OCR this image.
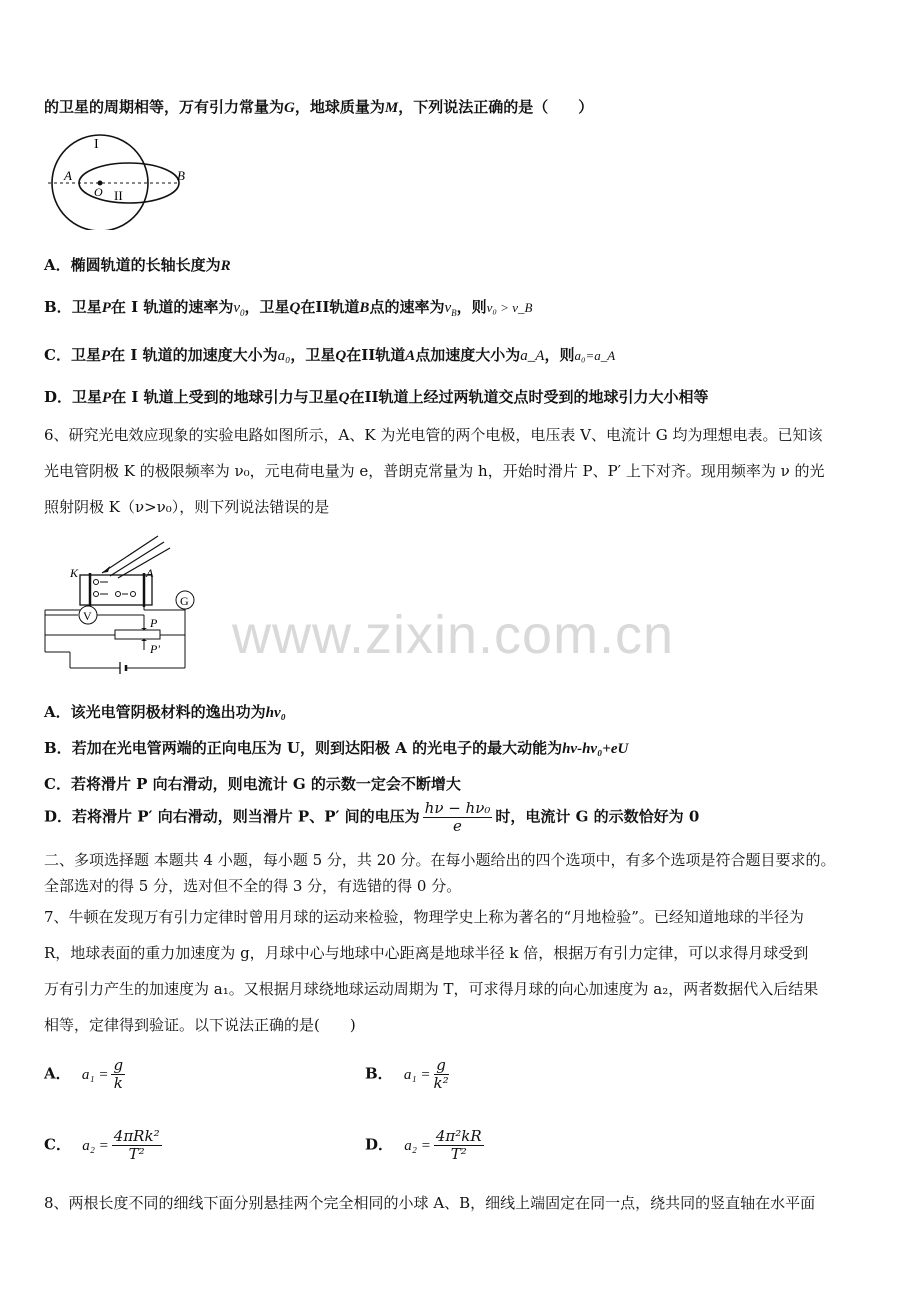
的卫星的周期相等，万有引力常量为G，地球质量为M，下列说法正确的是（　　）
I
A	B
O II
A．椭圆轨道的长轴长度为R
B．卫星P在 I 轨道的速率为$v_0$，卫星Q在II轨道B点的速率为$v_B$，则v₀ > v_B
C．卫星P在 I 轨道的加速度大小为a₀，卫星Q在II轨道A点加速度大小为a_A，则a₀=a_A
D．卫星P在 I 轨道上受到的地球引力与卫星Q在II轨道上经过两轨道交点时受到的地球引力大小相等
6、研究光电效应现象的实验电路如图所示，A、K 为光电管的两个电极，电压表 V、电流计 G 均为理想电表。已知该
光电管阴极 K 的极限频率为 ν₀，元电荷电量为 e，普朗克常量为 h，开始时滑片 P、P′ 上下对齐。现用频率为 ν 的光
照射阴极 K（ν>ν₀），则下列说法错误的是
K	A
G
V	P
P' www.zixin.com.cn
A．该光电管阴极材料的逸出功为hν₀
B．若加在光电管两端的正向电压为 U，则到达阳极 A 的光电子的最大动能为hν-hν₀+eU
C．若将滑片 P 向右滑动，则电流计 G 的示数一定会不断增大
D．若将滑片 P′ 向右滑动，则当滑片 P、P′ 间的电压为 $\frac{\text{hν − hν₀}}{e}$ 时，电流计 G 的示数恰好为 0
二、多项选择题 本题共 4 小题，每小题 5 分，共 20 分。在每小题给出的四个选项中，有多个选项是符合题目要求的。
全部选对的得 5 分，选对但不全的得 3 分，有选错的得 0 分。
7、牛顿在发现万有引力定律时曾用月球的运动来检验，物理学史上称为著名的“月地检验”。已经知道地球的半径为
R，地球表面的重力加速度为 g，月球中心与地球中心距离是地球半径 k 倍，根据万有引力定律，可以求得月球受到
万有引力产生的加速度为 a₁。又根据月球绕地球运动周期为 T，可求得月球的向心加速度为 a₂，两者数据代入后结果
相等，定律得到验证。以下说法正确的是(　　)
A． $a_1 = \frac{g}{k}$	B． $a_1 = \frac{g}{\text{k²}}$
C． $a_2 = \frac{\text{4πRk²}}{\text{T²}}$	D． $a_2 = \frac{\text{4π²kR}}{\text{T²}}$
8、两根长度不同的细线下面分别悬挂两个完全相同的小球 A、B，细线上端固定在同一点，绕共同的竖直轴在水平面
